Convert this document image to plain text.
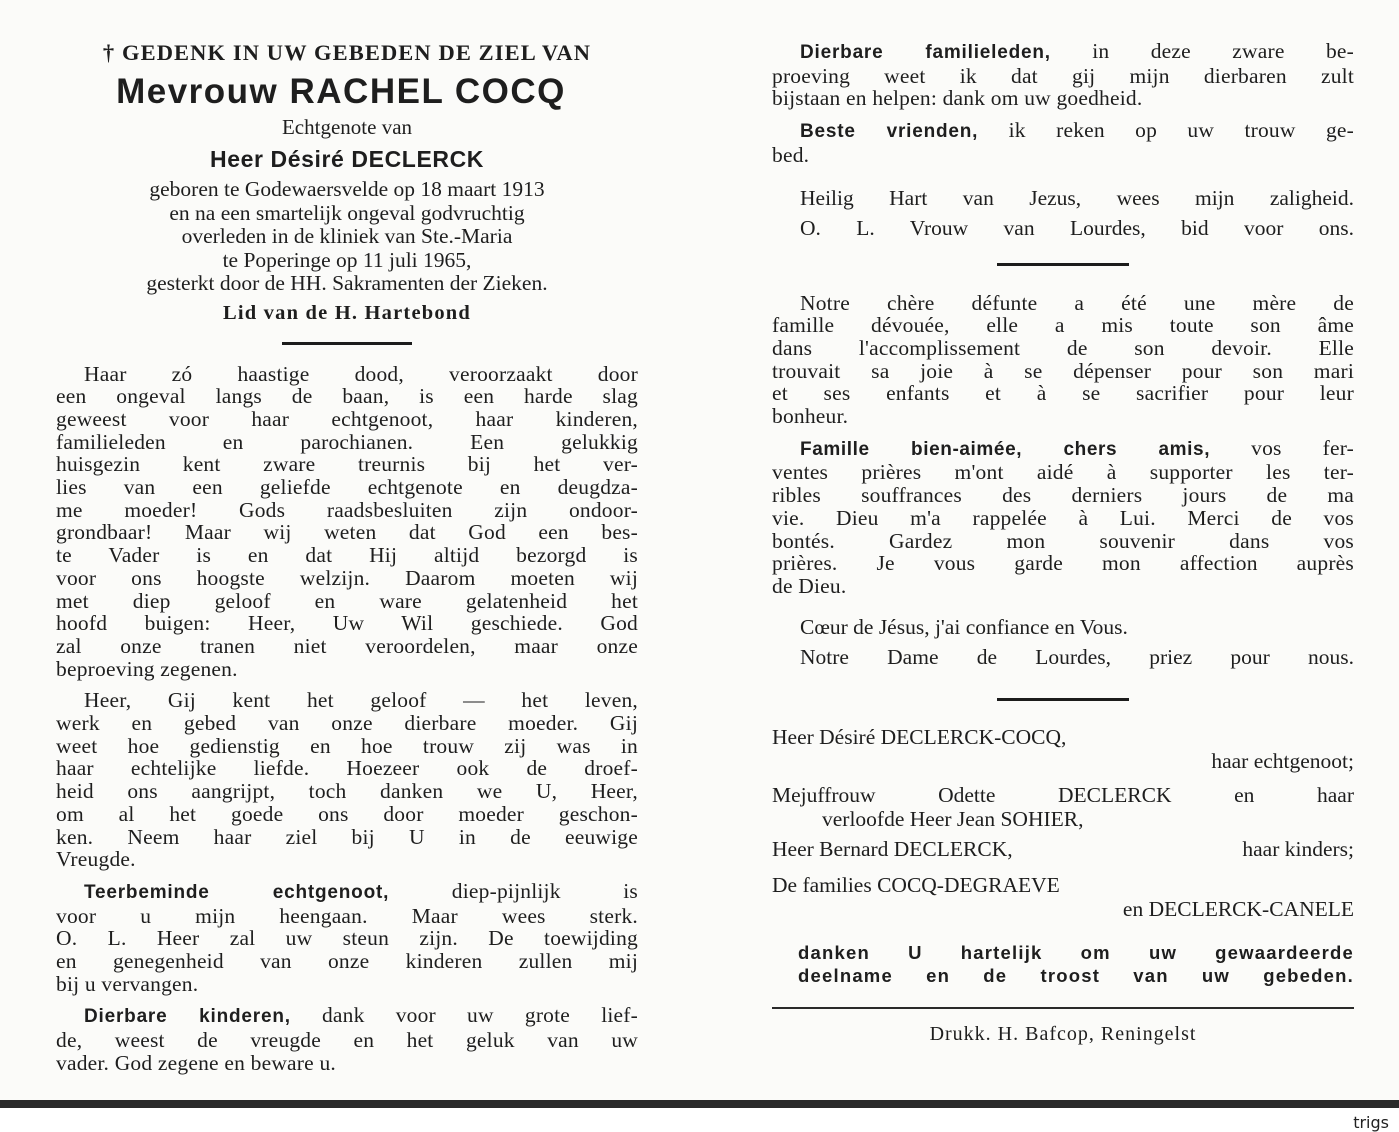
† GEDENK IN UW GEBEDEN DE ZIEL VAN
Mevrouw RACHEL COCQ
Echtgenote van
Heer Désiré DECLERCK
geboren te Godewaersvelde op 18 maart 1913
en na een smartelijk ongeval godvruchtig
overleden in de kliniek van Ste.-Maria
te Poperinge op 11 juli 1965,
gesterkt door de HH. Sakramenten der Zieken.
Lid van de H. Hartebond

Haar zó haastige dood, veroorzaakt door

een ongeval langs de baan, is een harde slag

geweest voor haar echtgenoot, haar kinderen,

familieleden en parochianen. Een gelukkig

huisgezin kent zware treurnis bij het ver-

lies van een geliefde echtgenote en deugdza-

me moeder! Gods raadsbesluiten zijn ondoor-

grondbaar! Maar wij weten dat God een bes-

te Vader is en dat Hij altijd bezorgd is

voor ons hoogste welzijn. Daarom moeten wij

met diep geloof en ware gelatenheid het

hoofd buigen: Heer, Uw Wil geschiede. God

zal onze tranen niet veroordelen, maar onze

beproeving zegenen.

Heer, Gij kent het geloof — het leven,

werk en gebed van onze dierbare moeder. Gij

weet hoe gedienstig en hoe trouw zij was in

haar echtelijke liefde. Hoezeer ook de droef-

heid ons aangrijpt, toch danken we U, Heer,

om al het goede ons door moeder geschon-

ken. Neem haar ziel bij U in de eeuwige

Vreugde.

Teerbeminde echtgenoot,	diep-pijnlijk is

voor u mijn heengaan. Maar wees sterk.

O. L. Heer zal uw steun zijn. De toewijding

en genegenheid van onze kinderen zullen mij

bij u vervangen.

Dierbare kinderen, dank voor uw grote lief-

de, weest de vreugde en het geluk van uw

vader. God zegene en beware u.

Dierbare familieleden, in deze zware be-

proeving weet ik dat gij mijn dierbaren zult

bijstaan en helpen: dank om uw goedheid.

Beste vrienden, ik reken op uw trouw ge-

bed.

Heilig Hart van Jezus, wees mijn zaligheid.

O. L. Vrouw van Lourdes, bid voor ons.

Notre chère défunte a été une mère de

famille dévouée, elle a mis toute son âme

dans l'accomplissement de son devoir. Elle

trouvait sa joie à se dépenser pour son mari

et ses enfants et à se sacrifier pour leur

bonheur.

Famille bien-aimée, chers amis, vos fer-

ventes prières m'ont aidé à supporter les ter-

ribles souffrances des derniers jours de ma

vie. Dieu m'a rappelée à Lui. Merci de vos

bontés. Gardez mon souvenir dans vos

prières. Je vous garde mon affection auprès

de Dieu.

Cœur de Jésus, j'ai confiance en Vous.

Notre Dame de Lourdes, priez pour nous.

Heer Désiré DECLERCK-COCQ,

haar echtgenoot;

Mejuffrouw Odette DECLERCK en haar

verloofde Heer Jean SOHIER,

Heer Bernard DECLERCK,	haar kinders;

De families COCQ-DEGRAEVE

en DECLERCK-CANELE

danken U hartelijk om uw gewaardeerde

deelname en de troost van uw gebeden.

Drukk. H. Bafcop, Reningelst
trigs
